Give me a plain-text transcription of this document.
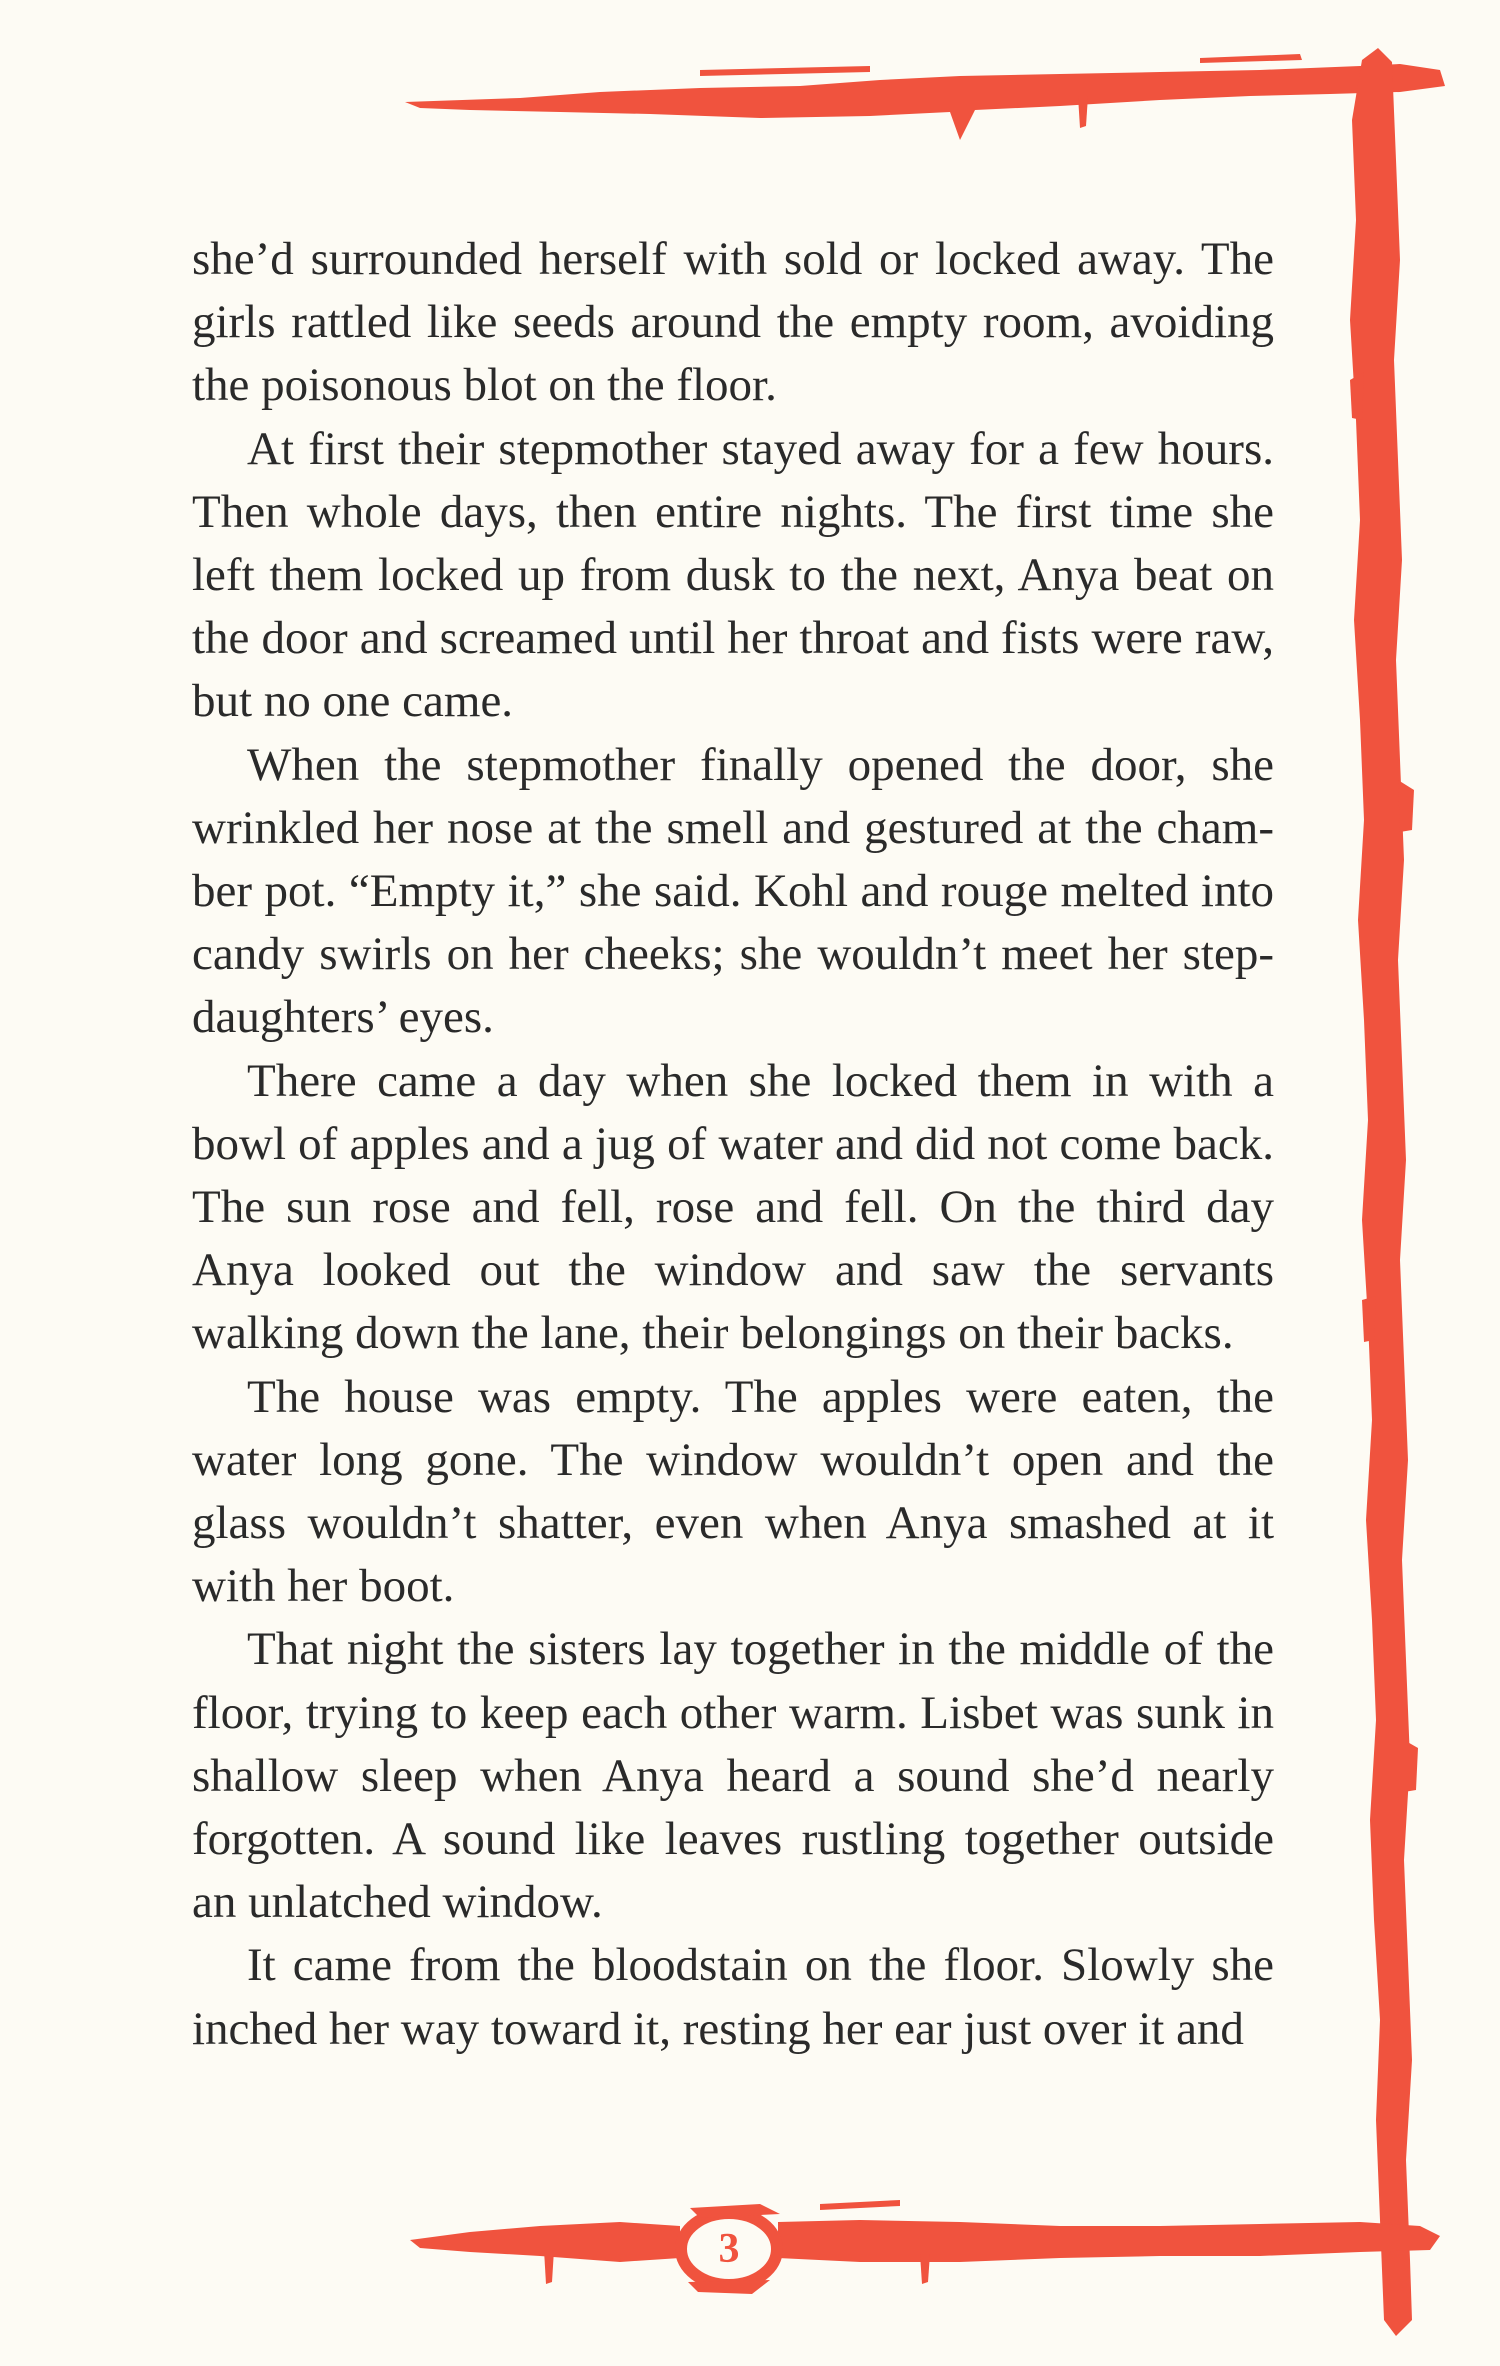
she’d surrounded herself with sold or locked away. The girls rattled like seeds around the empty room, avoiding the poisonous blot on the floor.

At first their stepmother stayed away for a few hours. Then whole days, then entire nights. The first time she left them locked up from dusk to the next, Anya beat on the door and screamed until her throat and fists were raw, but no one came.

When the stepmother finally opened the door, she wrinkled her nose at the smell and gestured at the chamber pot. “Empty it,” she said. Kohl and rouge melted into candy swirls on her cheeks; she wouldn’t meet her stepdaughters’ eyes.

There came a day when she locked them in with a bowl of apples and a jug of water and did not come back. The sun rose and fell, rose and fell. On the third day Anya looked out the window and saw the servants walking down the lane, their belongings on their backs.

The house was empty. The apples were eaten, the water long gone. The window wouldn’t open and the glass wouldn’t shatter, even when Anya smashed at it with her boot.

That night the sisters lay together in the middle of the floor, trying to keep each other warm. Lisbet was sunk in shallow sleep when Anya heard a sound she’d nearly forgotten. A sound like leaves rustling together outside an unlatched window.

It came from the bloodstain on the floor. Slowly she inched her way toward it, resting her ear just over it and

3
